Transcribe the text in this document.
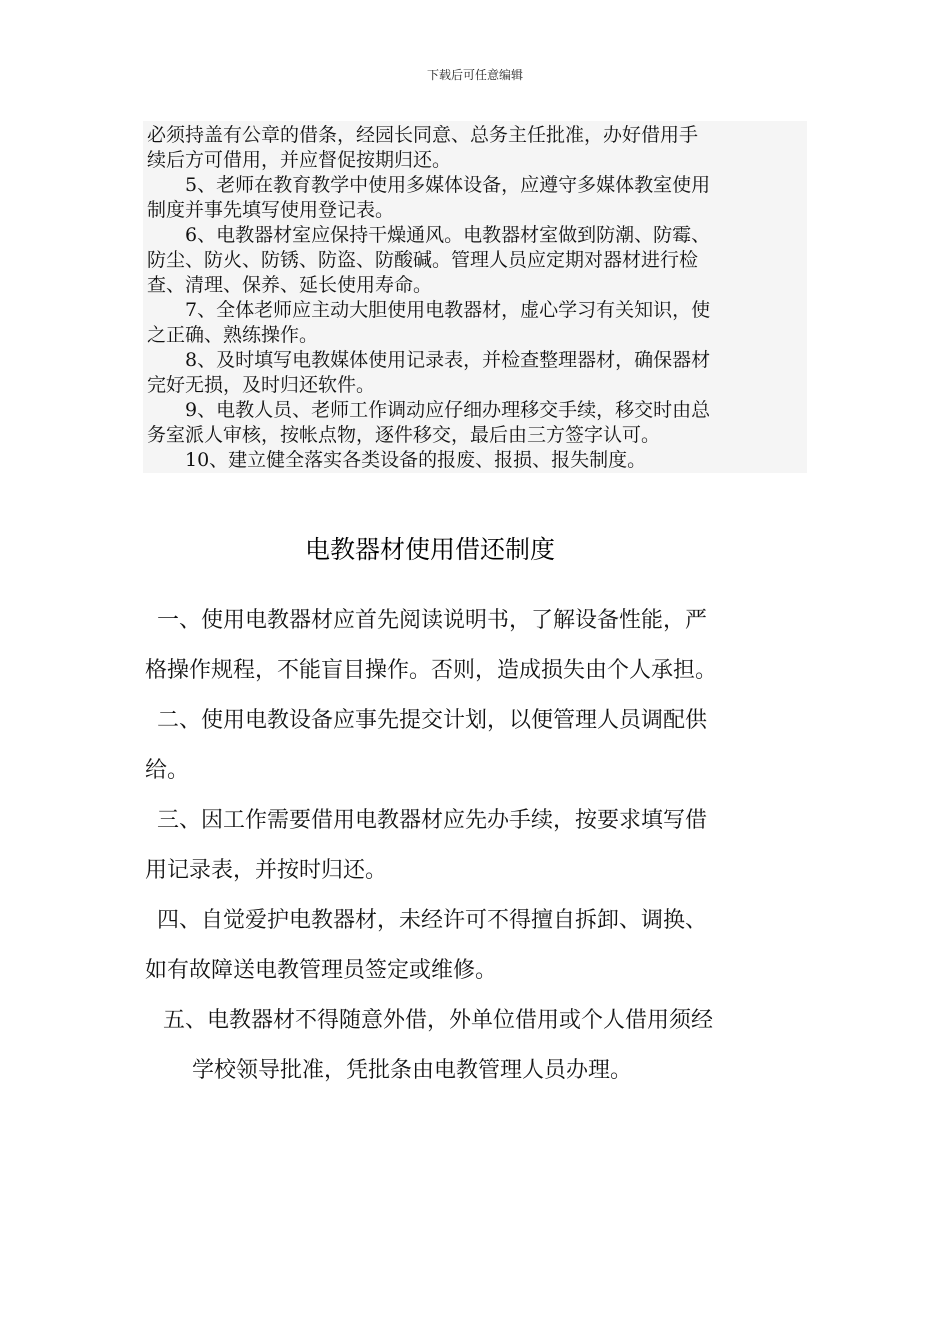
下载后可任意编辑
必须持盖有公章的借条，经园长同意、总务主任批准，办好借用手
续后方可借用，并应督促按期归还。
　　5、老师在教育教学中使用多媒体设备，应遵守多媒体教室使用
制度并事先填写使用登记表。
　　6、电教器材室应保持干燥通风。电教器材室做到防潮、防霉、
防尘、防火、防锈、防盗、防酸碱。管理人员应定期对器材进行检
查、清理、保养、延长使用寿命。
　　7、全体老师应主动大胆使用电教器材，虚心学习有关知识，使
之正确、熟练操作。
　　8、及时填写电教媒体使用记录表，并检查整理器材，确保器材
完好无损，及时归还软件。
　　9、电教人员、老师工作调动应仔细办理移交手续，移交时由总
务室派人审核，按帐点物，逐件移交，最后由三方签字认可。
　　10、建立健全落实各类设备的报废、报损、报失制度。
电教器材使用借还制度
一、使用电教器材应首先阅读说明书，了解设备性能，严
格操作规程，不能盲目操作。否则，造成损失由个人承担。
二、使用电教设备应事先提交计划，以便管理人员调配供
给。
三、因工作需要借用电教器材应先办手续，按要求填写借
用记录表，并按时归还。
四、自觉爱护电教器材，未经许可不得擅自拆卸、调换、
如有故障送电教管理员签定或维修。
五、电教器材不得随意外借，外单位借用或个人借用须经
学校领导批准，凭批条由电教管理人员办理。
